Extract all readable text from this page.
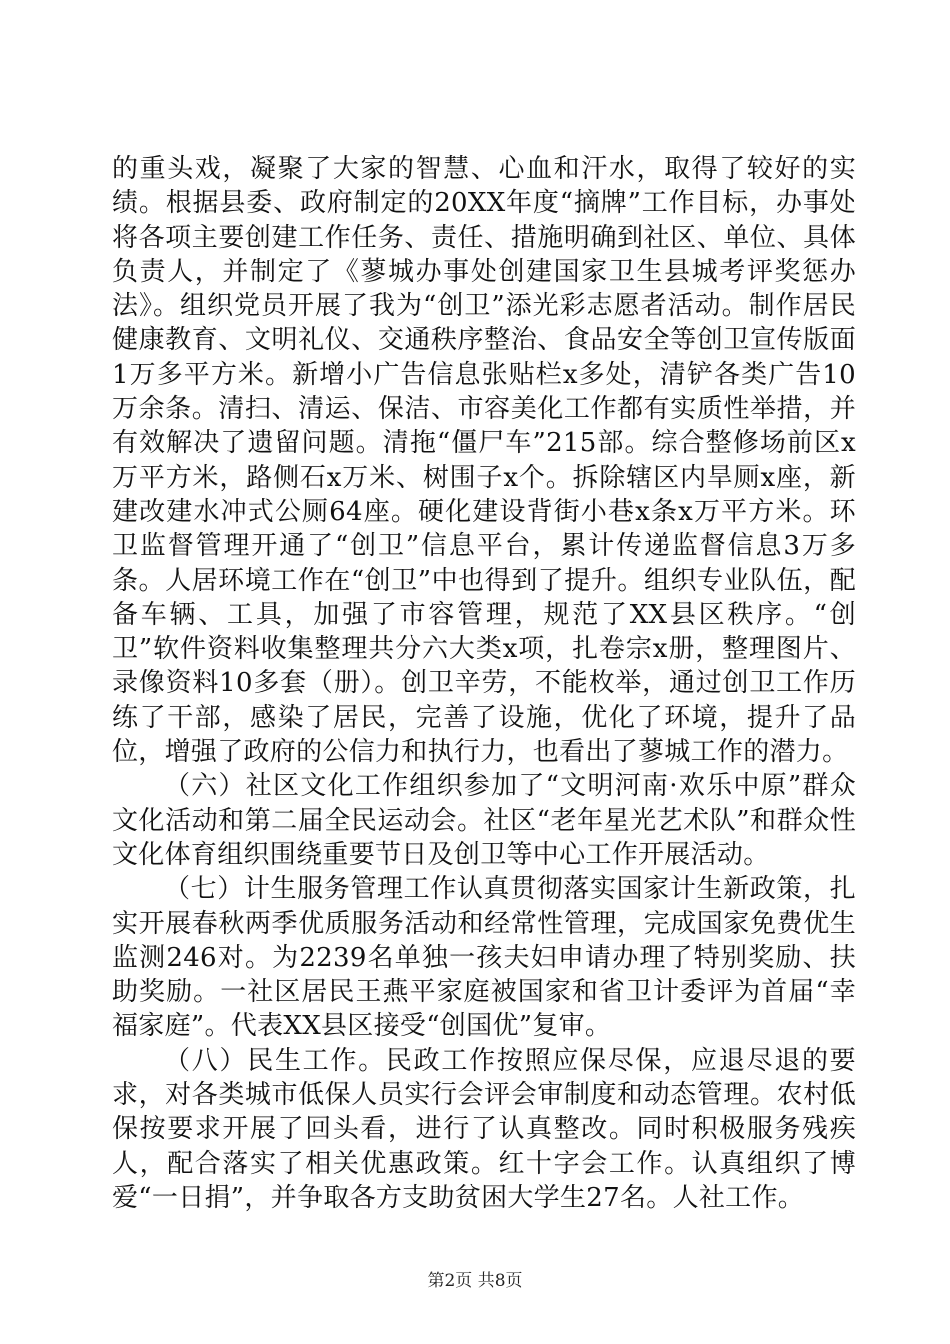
的重头戏，凝聚了大家的智慧、心血和汗水，取得了较好的实绩。根据县委、政府制定的20XX年度“摘牌”工作目标，办事处将各项主要创建工作任务、责任、措施明确到社区、单位、具体负责人，并制定了《蓼城办事处创建国家卫生县城考评奖惩办法》。组织党员开展了我为“创卫”添光彩志愿者活动。制作居民健康教育、文明礼仪、交通秩序整治、食品安全等创卫宣传版面1万多平方米。新增小广告信息张贴栏x多处，清铲各类广告10万余条。清扫、清运、保洁、市容美化工作都有实质性举措，并有效解决了遗留问题。清拖“僵尸车”215部。综合整修场前区x万平方米，路侧石x万米、树围子x个。拆除辖区内旱厕x座，新建改建水冲式公厕64座。硬化建设背街小巷x条x万平方米。环卫监督管理开通了“创卫”信息平台，累计传递监督信息3万多条。人居环境工作在“创卫”中也得到了提升。组织专业队伍，配备车辆、工具，加强了市容管理，规范了XX县区秩序。“创卫”软件资料收集整理共分六大类x项，扎卷宗x册，整理图片、录像资料10多套（册）。创卫辛劳，不能枚举，通过创卫工作历练了干部，感染了居民，完善了设施，优化了环境，提升了品位，增强了政府的公信力和执行力，也看出了蓼城工作的潜力。

（六）社区文化工作组织参加了“文明河南·欢乐中原”群众文化活动和第二届全民运动会。社区“老年星光艺术队”和群众性文化体育组织围绕重要节日及创卫等中心工作开展活动。

（七）计生服务管理工作认真贯彻落实国家计生新政策，扎实开展春秋两季优质服务活动和经常性管理，完成国家免费优生监测246对。为2239名单独一孩夫妇申请办理了特别奖励、扶助奖励。一社区居民王燕平家庭被国家和省卫计委评为首届“幸福家庭”。代表XX县区接受“创国优”复审。

（八）民生工作。民政工作按照应保尽保，应退尽退的要求，对各类城市低保人员实行会评会审制度和动态管理。农村低保按要求开展了回头看，进行了认真整改。同时积极服务残疾人，配合落实了相关优惠政策。红十字会工作。认真组织了博爱“一日捐”，并争取各方支助贫困大学生27名。人社工作。

第2页 共8页
